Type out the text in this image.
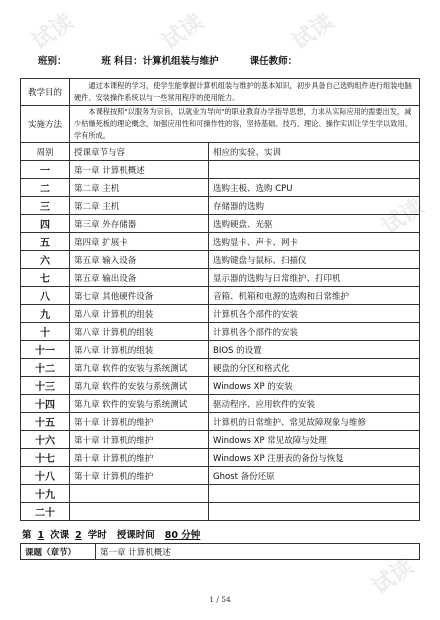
试读	试读	试读
试读
试读
班别：	班 科目：计算机组装与维护	课任教师：
教学目的	通过本课程的学习，使学生能掌握计算机组装与维护的基本知识，初步具备自己选购组件进行组装电脑硬件、安装操作系统以与一些常用程序的使用能力。	
实施方法	本课程按照"以服务为宗旨，以就业为导向"的职业教育办学指导思想，力求从实际应用的需要出发，减少枯燥死板的理论概念，加强应用性和可操作性的容，坚持基础、技巧、理论、操作实训让学生学以致用、学有所成。	
周别	授课章节与容	相应的实验、实训
一	第一章 计算机概述	
二	第二章 主机	选购主板、选购 CPU
三	第二章 主机	存储器的选购
四	第三章 外存储器	选购硬盘、光驱
五	第四章 扩展卡	选购显卡、声卡、网卡
六	第五章 输入设备	选购键盘与鼠标、扫描仪
七	第五章 输出设备	显示器的选购与日常维护、打印机
八	第七章 其他硬件设备	音箱、机箱和电源的选购和日常维护
九	第八章 计算机的组装	计算机各个部件的安装
十	第八章 计算机的组装	计算机各个部件的安装
十一	第八章 计算机的组装	BIOS 的设置
十二	第九章 软件的安装与系统测试	硬盘的分区和格式化
十三	第九章 软件的安装与系统测试	Windows XP 的安装
十四	第九章 软件的安装与系统测试	驱动程序、应用软件的安装
十五	第十章 计算机的维护	计算机的日常维护、常见故障现象与维修
十六	第十章 计算机的维护	Windows XP 常见故障与处理
十七	第十章 计算机的维护	Windows XP 注册表的备份与恢复
十八	第十章 计算机的维护	Ghost 备份还原
十九		
二十		
第 1 次课 2 学时 授课时间 80 分钟
课题（章节）	第一章 计算机概述
1 / 54
